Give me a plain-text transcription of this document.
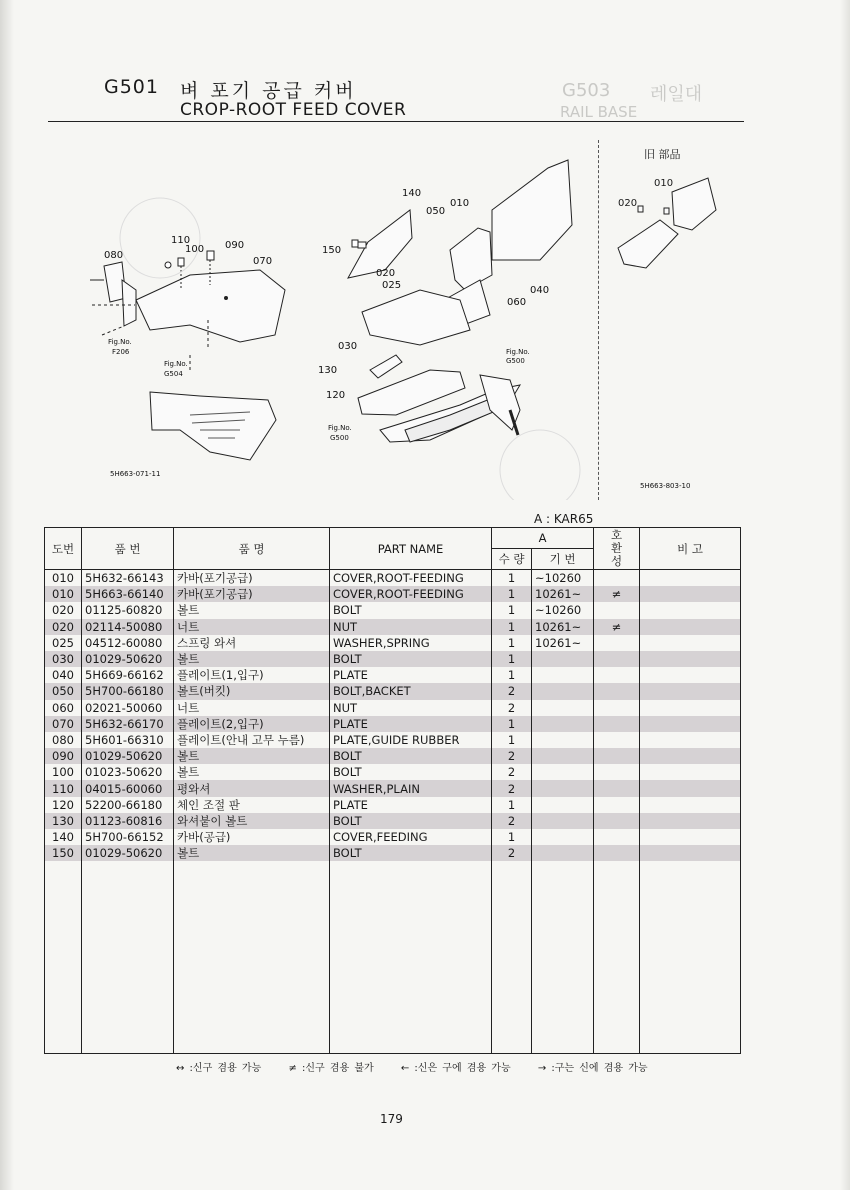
G503 레일대
RAIL BASE
G501 벼 포기 공급 커버
CROP-ROOT FEED COVER
080
110
100 090
070
150
140
050
010
020
025
060
040
030
130
120
Fig.No.
F206
Fig.No.
G504
Fig.No.
G500
Fig.No.
G500
5H663-071-11
5H663-803-10
旧 部品
010
020
A : KAR65
도번	품 번	품 명	PART NAME	A		호환성	비 고
				수 량	기 번		
010	5H632-66143	카바(포기공급)	COVER,ROOT-FEEDING	1	~10260		
010	5H663-66140	카바(포기공급)	COVER,ROOT-FEEDING	1	10261~	≠	
020	01125-60820	볼트	BOLT	1	~10260		
020	02114-50080	너트	NUT	1	10261~	≠	
025	04512-60080	스프링 와셔	WASHER,SPRING	1	10261~		
030	01029-50620	볼트	BOLT	1			
040	5H669-66162	플레이트(1,입구)	PLATE	1			
050	5H700-66180	볼트(버킷)	BOLT,BACKET	2			
060	02021-50060	너트	NUT	2			
070	5H632-66170	플레이트(2,입구)	PLATE	1			
080	5H601-66310	플레이트(안내 고무 누름)	PLATE,GUIDE RUBBER	1			
090	01029-50620	볼트	BOLT	2			
100	01023-50620	볼트	BOLT	2			
110	04015-60060	평와셔	WASHER,PLAIN	2			
120	52200-66180	체인 조절 판	PLATE	1			
130	01123-60816	와셔붙이 볼트	BOLT	2			
140	5H700-66152	카바(공급)	COVER,FEEDING	1			
150	01029-50620	볼트	BOLT	2			

↔ :신구 겸용 가능	≠ :신구 겸용 불가	← :신은 구에 겸용 가능	→ :구는 신에 겸용 가능
179
